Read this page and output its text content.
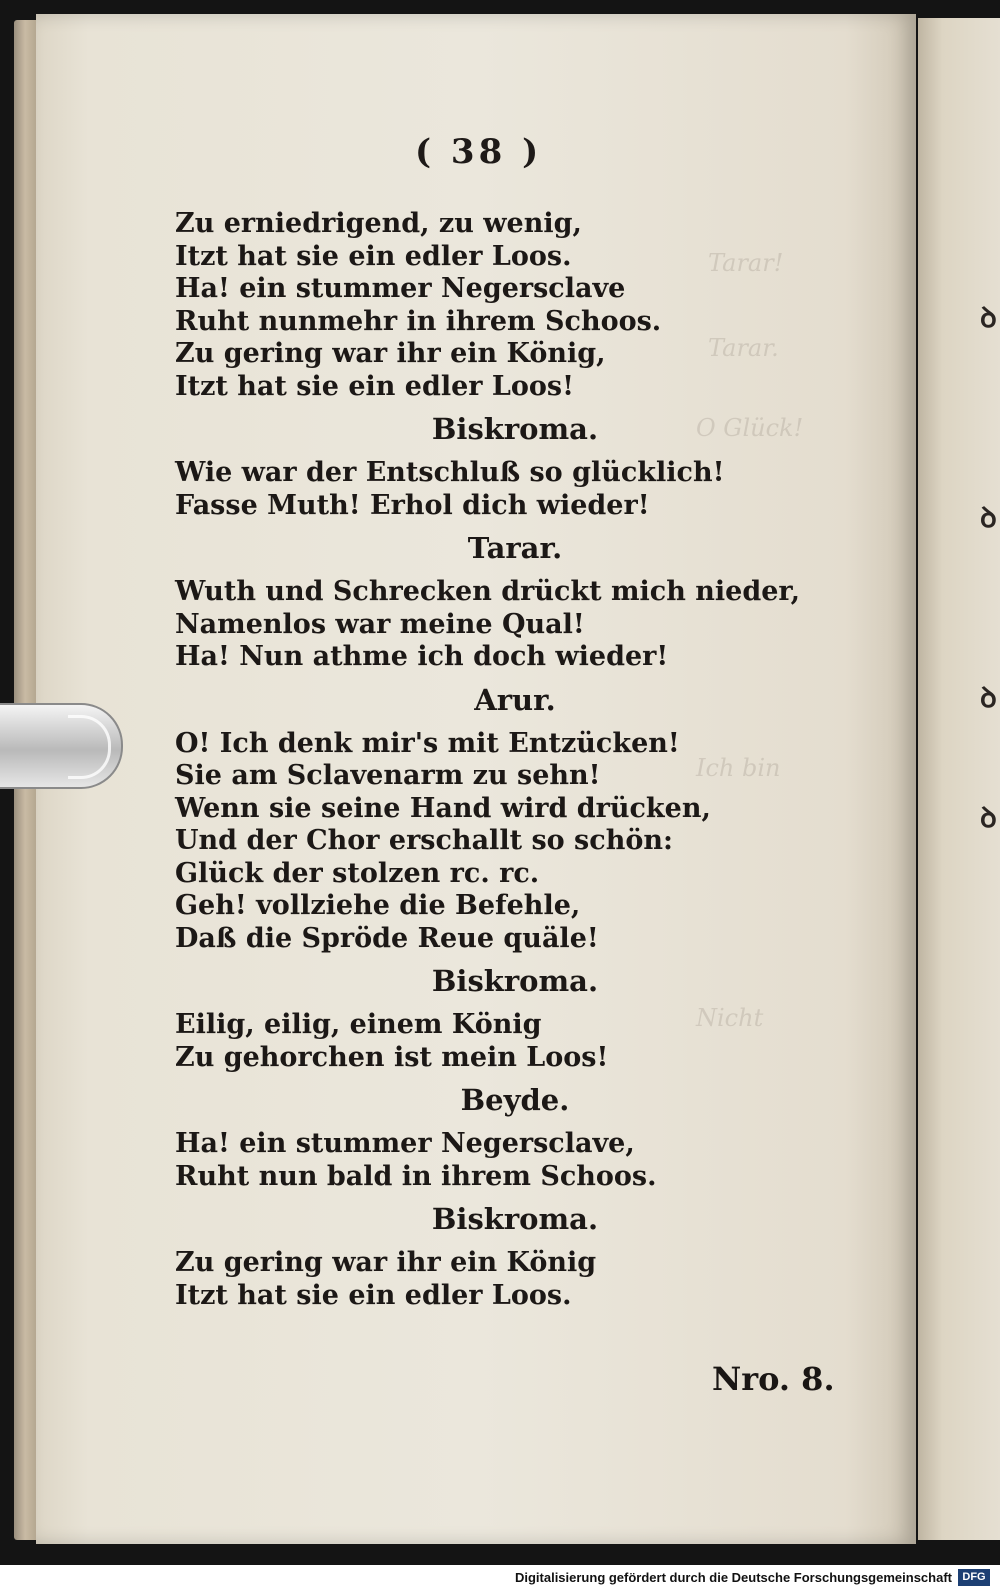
Tarar!
Tarar.
O Glück!
Ich bin
Nicht
ꝺ
ꝺ
ꝺ
ꝺ
( 38 )
Zu erniedrigend, zu wenig,
Itzt hat sie ein edler Loos.
Ha! ein stummer Negersclave
Ruht nunmehr in ihrem Schoos.
Zu gering war ihr ein König,
Itzt hat sie ein edler Loos!
Biskroma.
Wie war der Entschluß so glücklich!
Fasse Muth! Erhol dich wieder!
Tarar.
Wuth und Schrecken drückt mich nieder,
Namenlos war meine Qual!
Ha! Nun athme ich doch wieder!
Arur.
O! Ich denk mir's mit Entzücken!
Sie am Sclavenarm zu sehn!
Wenn sie seine Hand wird drücken,
Und der Chor erschallt so schön:
Glück der stolzen rc. rc.
Geh! vollziehe die Befehle,
Daß die Spröde Reue quäle!
Biskroma.
Eilig, eilig, einem König
Zu gehorchen ist mein Loos!
Beyde.
Ha! ein stummer Negersclave,
Ruht nun bald in ihrem Schoos.
Biskroma.
Zu gering war ihr ein König
Itzt hat sie ein edler Loos.
Nro. 8.
Digitalisierung gefördert durch die Deutsche Forschungsgemeinschaft DFG
